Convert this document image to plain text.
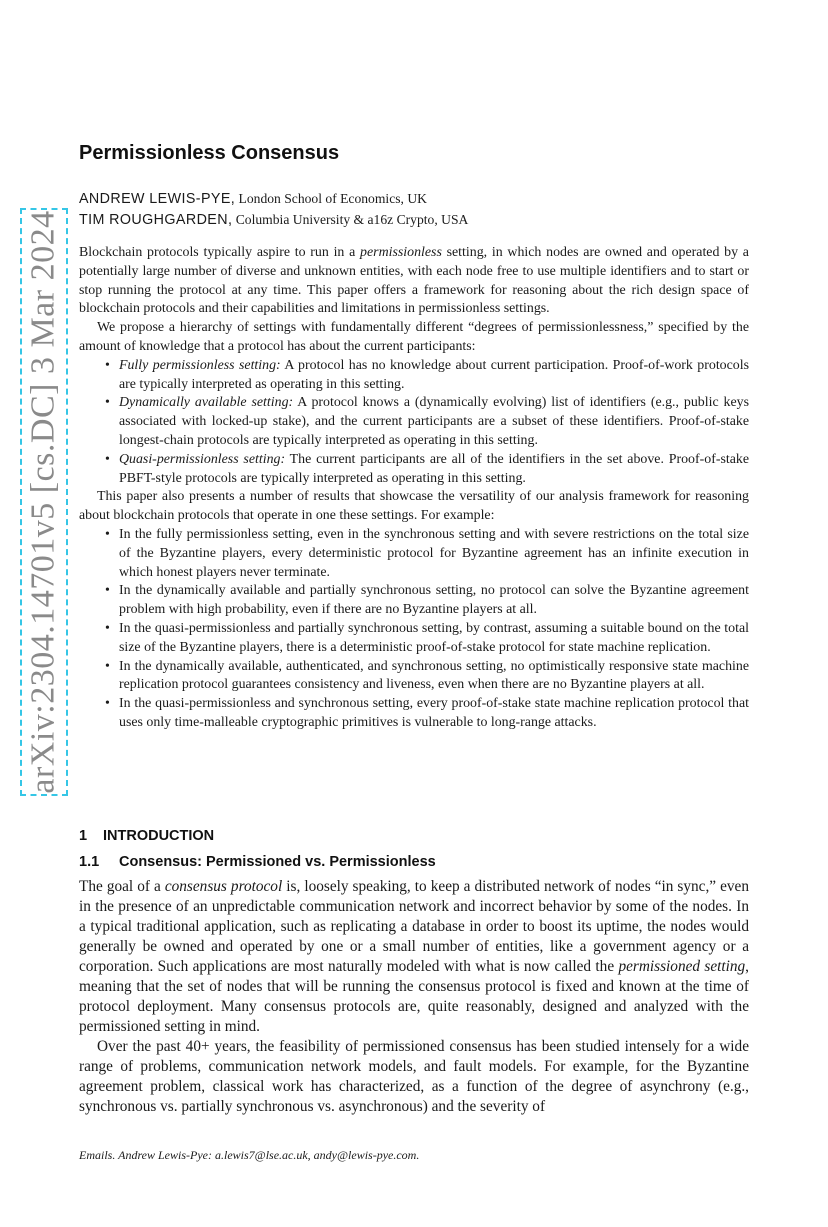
arXiv:2304.14701v5 [cs.DC] 3 Mar 2024
Permissionless Consensus
ANDREW LEWIS-PYE, London School of Economics, UK
TIM ROUGHGARDEN, Columbia University & a16z Crypto, USA

Blockchain protocols typically aspire to run in a permissionless setting, in which nodes are owned and operated by a potentially large number of diverse and unknown entities, with each node free to use multiple identifiers and to start or stop running the protocol at any time. This paper offers a framework for reasoning about the rich design space of blockchain protocols and their capabilities and limitations in permissionless settings.

We propose a hierarchy of settings with fundamentally different “degrees of permissionlessness,” specified by the amount of knowledge that a protocol has about the current participants:

• Fully permissionless setting: A protocol has no knowledge about current participation. Proof-of-work protocols are typically interpreted as operating in this setting.
• Dynamically available setting: A protocol knows a (dynamically evolving) list of identifiers (e.g., public keys associated with locked-up stake), and the current participants are a subset of these identifiers. Proof-of-stake longest-chain protocols are typically interpreted as operating in this setting.
• Quasi-permissionless setting: The current participants are all of the identifiers in the set above. Proof-of-stake PBFT-style protocols are typically interpreted as operating in this setting.

This paper also presents a number of results that showcase the versatility of our analysis framework for reasoning about blockchain protocols that operate in one these settings. For example:

• In the fully permissionless setting, even in the synchronous setting and with severe restrictions on the total size of the Byzantine players, every deterministic protocol for Byzantine agreement has an infinite execution in which honest players never terminate.
• In the dynamically available and partially synchronous setting, no protocol can solve the Byzantine agreement problem with high probability, even if there are no Byzantine players at all.
• In the quasi-permissionless and partially synchronous setting, by contrast, assuming a suitable bound on the total size of the Byzantine players, there is a deterministic proof-of-stake protocol for state machine replication.
• In the dynamically available, authenticated, and synchronous setting, no optimistically responsive state machine replication protocol guarantees consistency and liveness, even when there are no Byzantine players at all.
• In the quasi-permissionless and synchronous setting, every proof-of-stake state machine replication protocol that uses only time-malleable cryptographic primitives is vulnerable to long-range attacks.
1 INTRODUCTION
1.1 Consensus: Permissioned vs. Permissionless

The goal of a consensus protocol is, loosely speaking, to keep a distributed network of nodes “in sync,” even in the presence of an unpredictable communication network and incorrect behavior by some of the nodes. In a typical traditional application, such as replicating a database in order to boost its uptime, the nodes would generally be owned and operated by one or a small number of entities, like a government agency or a corporation. Such applications are most naturally modeled with what is now called the permissioned setting, meaning that the set of nodes that will be running the consensus protocol is fixed and known at the time of protocol deployment. Many consensus protocols are, quite reasonably, designed and analyzed with the permissioned setting in mind.

Over the past 40+ years, the feasibility of permissioned consensus has been studied intensely for a wide range of problems, communication network models, and fault models. For example, for the Byzantine agreement problem, classical work has characterized, as a function of the degree of asynchrony (e.g., synchronous vs. partially synchronous vs. asynchronous) and the severity of

Emails. Andrew Lewis-Pye: a.lewis7@lse.ac.uk, andy@lewis-pye.com.
